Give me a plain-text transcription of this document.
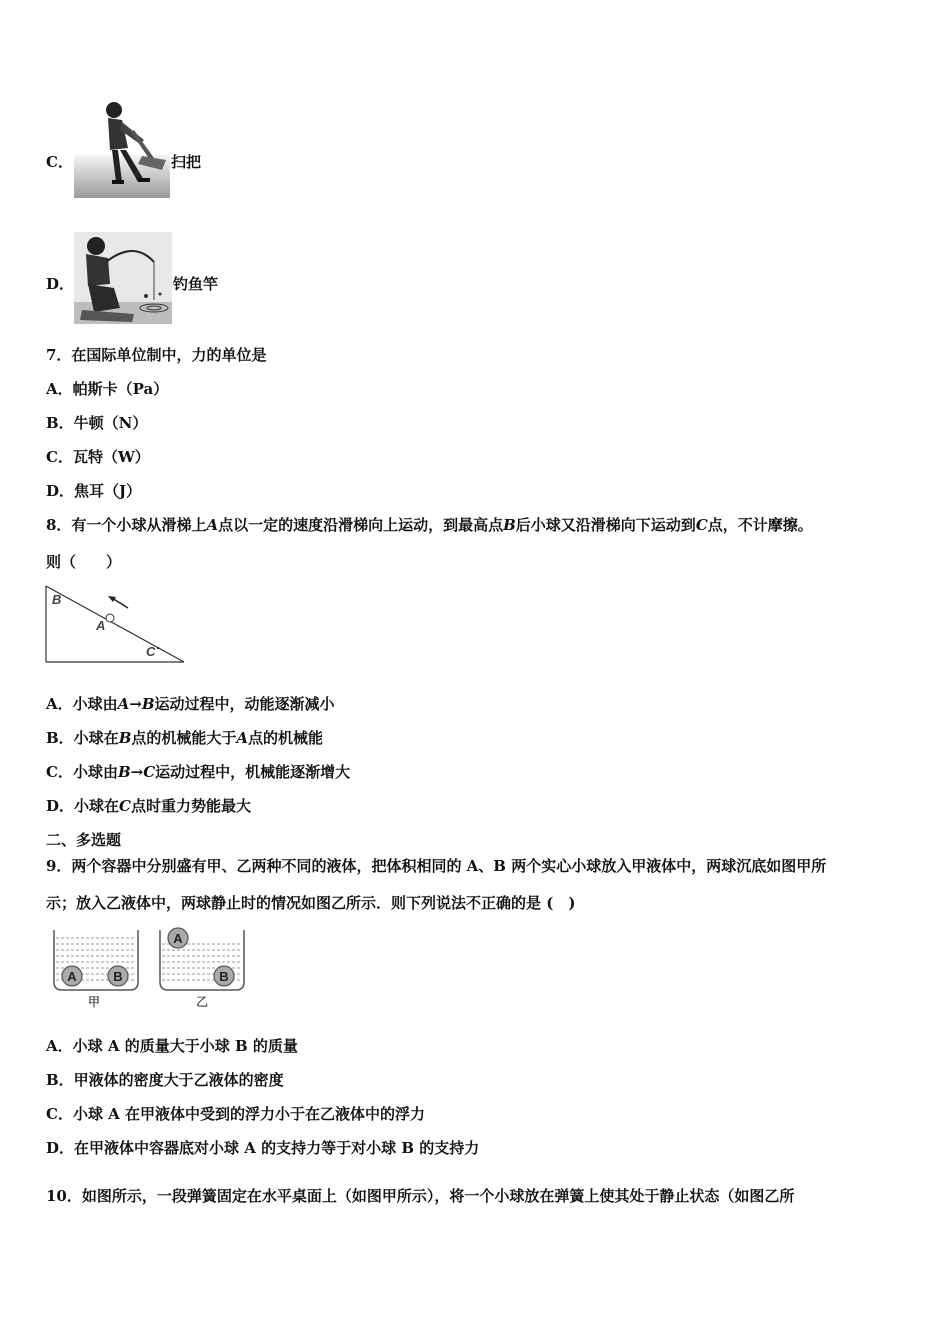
C．	扫把
D．	钓鱼竿
7．在国际单位制中，力的单位是
A．帕斯卡（Pa）
B．牛顿（N）
C．瓦特（W）
D．焦耳（J）
8．有一个小球从滑梯上A点以一定的速度沿滑梯向上运动，到最高点B后小球又沿滑梯向下运动到C点，不计摩擦。
则（　　）
B
A
C
A．小球由A→B运动过程中，动能逐渐减小
B．小球在B点的机械能大于A点的机械能
C．小球由B→C运动过程中，机械能逐渐增大
D．小球在C点时重力势能最大
二、多选题
9．两个容器中分别盛有甲、乙两种不同的液体，把体积相同的 A、B 两个实心小球放入甲液体中，两球沉底如图甲所
示；放入乙液体中，两球静止时的情况如图乙所示．则下列说法不正确的是 (　)
A	B
甲
A
B
乙
A．小球 A 的质量大于小球 B 的质量
B．甲液体的密度大于乙液体的密度
C．小球 A 在甲液体中受到的浮力小于在乙液体中的浮力
D．在甲液体中容器底对小球 A 的支持力等于对小球 B 的支持力
10．如图所示，一段弹簧固定在水平桌面上（如图甲所示），将一个小球放在弹簧上使其处于静止状态（如图乙所
